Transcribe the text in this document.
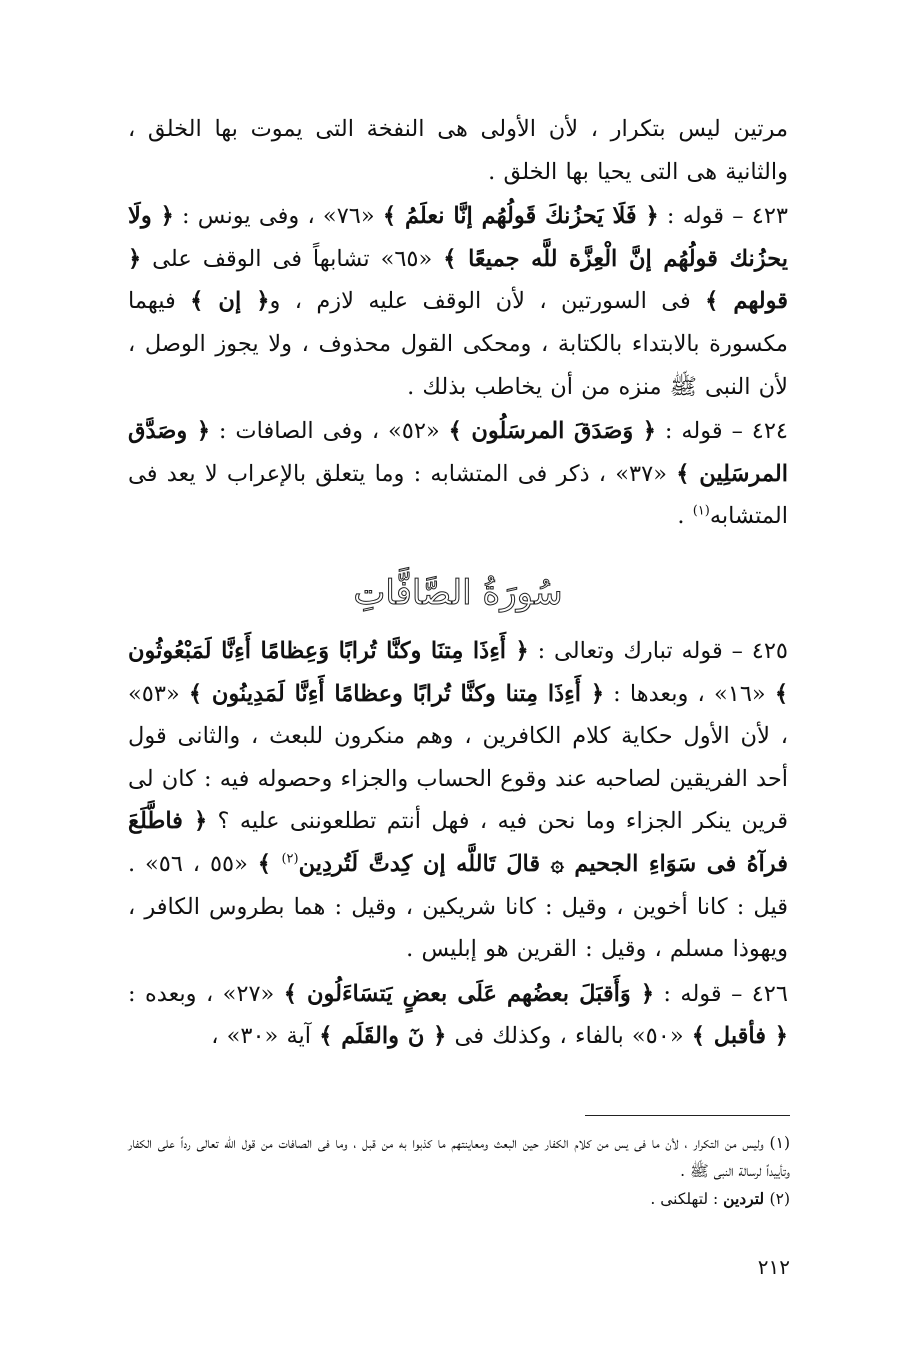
مرتين ليس بتكرار ، لأن الأولى هى النفخة التى يموت بها الخلق ، والثانية هى التى يحيا بها الخلق .

٤٢٣ – قوله : ﴿ فَلَا يَحزُنكَ قَولُهُم إنَّا نعلَمُ ﴾ «٧٦» ، وفى يونس : ﴿ ولَا يحزُنك قولُهُم إنَّ الْعِزَّة للَّه جميعًا ﴾ «٦٥» تشابهاً فى الوقف على ﴿ قولهم ﴾ فى السورتين ، لأن الوقف عليه لازم ، و﴿ إن ﴾ فيهما مكسورة بالابتداء بالكتابة ، ومحكى القول محذوف ، ولا يجوز الوصل ، لأن النبى ﷺ منزه من أن يخاطب بذلك .

٤٢٤ – قوله : ﴿ وَصَدَقَ المرسَلُون ﴾ «٥٢» ، وفى الصافات : ﴿ وصَدَّق المرسَلِين ﴾ «٣٧» ، ذكر فى المتشابه : وما يتعلق بالإعراب لا يعد فى المتشابه$^{(١)}$ .

سُورَةُ الصَّافَّاتِ

٤٢٥ – قوله تبارك وتعالى : ﴿ أَءِذَا مِتنَا وكنَّا تُرابًا وَعِظامًا أَءِنَّا لَمَبْعُوثُون ﴾ «١٦» ، وبعدها : ﴿ أَءِذَا مِتنا وكنَّا تُرابًا وعظامًا أَءِنَّا لَمَدِينُون ﴾ «٥٣» ، لأن الأول حكاية كلام الكافرين ، وهم منكرون للبعث ، والثانى قول أحد الفريقين لصاحبه عند وقوع الحساب والجزاء وحصوله فيه : كان لى قرين ينكر الجزاء وما نحن فيه ، فهل أنتم تطلعوننى عليه ؟ ﴿ فاطَّلَعَ فرآهُ فى سَوَاءِ الجحيم ۞ قالَ تَاللَّه إن كِدتَّ لَتُردِين$^{(٢)}$ ﴾ «٥٥ ، ٥٦» . قيل : كانا أخوين ، وقيل : كانا شريكين ، وقيل : هما بطروس الكافر ، ويهوذا مسلم ، وقيل : القرين هو إبليس .

٤٢٦ – قوله : ﴿ وَأَقبَلَ بعضُهم عَلَى بعضٍ يَتسَاءَلُون ﴾ «٢٧» ، وبعده : ﴿ فأقبل ﴾ «٥٠» بالفاء ، وكذلك فى ﴿ نٓ والقَلَم ﴾ آية «٣٠» ،

(١) وليس من التكرار ، لأن ما فى يس من كلام الكفار حين البعث ومعاينتهم ما كذبوا به من قبل ، وما فى الصافات من قول الله تعالى رداً على الكفار وتأييداً لرسالة النبى ﷺ .

(٢) لتردين : لتهلكنى .

٢١٢
